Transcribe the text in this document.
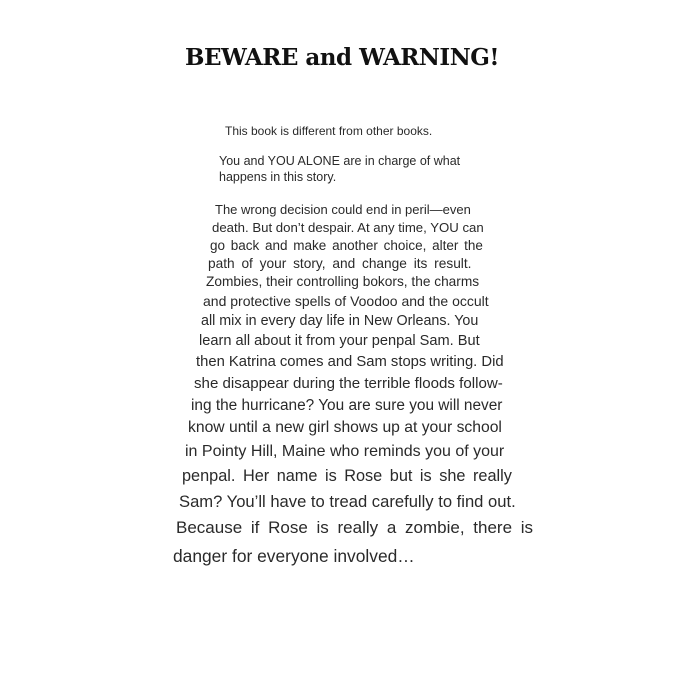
BEWARE and WARNING!
This book is different from other books.
You and YOU ALONE are in charge of what
happens in this story.
The wrong decision could end in peril—even
death. But don’t despair. At any time, YOU can
go back and make another choice, alter the
path of your story, and change its result.
Zombies, their controlling bokors, the charms
and protective spells of Voodoo and the occult
all mix in every day life in New Orleans. You
learn all about it from your penpal Sam. But
then Katrina comes and Sam stops writing. Did
she disappear during the terrible floods follow-
ing the hurricane? You are sure you will never
know until a new girl shows up at your school
in Pointy Hill, Maine who reminds you of your
penpal. Her name is Rose but is she really
Sam? You’ll have to tread carefully to find out.
Because if Rose is really a zombie, there is
danger for everyone involved…
